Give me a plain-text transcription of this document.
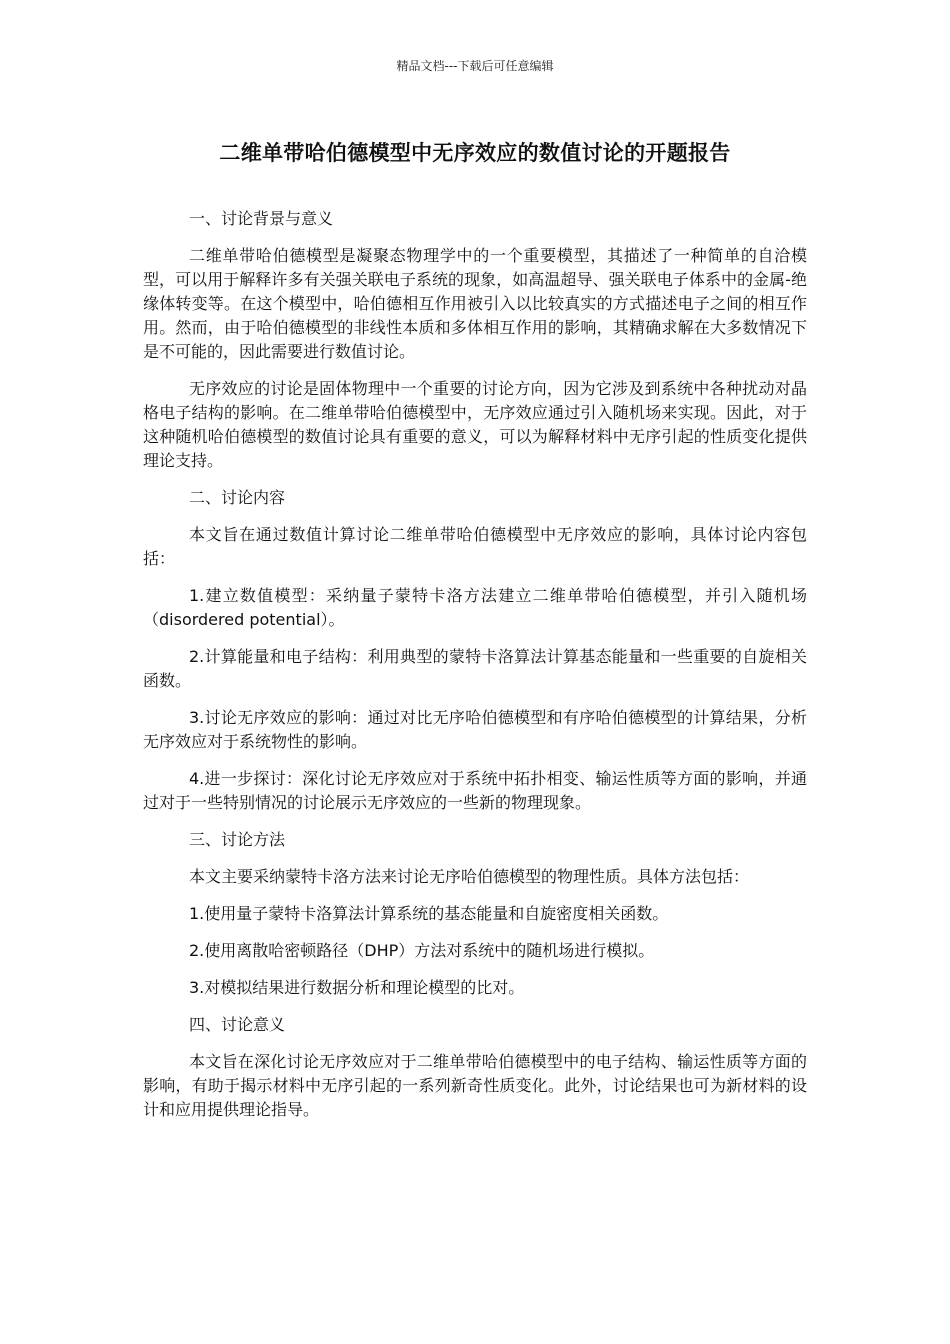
精品文档---下载后可任意编辑
二维单带哈伯德模型中无序效应的数值讨论的开题报告

一、讨论背景与意义

二维单带哈伯德模型是凝聚态物理学中的一个重要模型，其描述了一种简单的自洽模型，可以用于解释许多有关强关联电子系统的现象，如高温超导、强关联电子体系中的金属-绝缘体转变等。在这个模型中，哈伯德相互作用被引入以比较真实的方式描述电子之间的相互作用。然而，由于哈伯德模型的非线性本质和多体相互作用的影响，其精确求解在大多数情况下是不可能的，因此需要进行数值讨论。

无序效应的讨论是固体物理中一个重要的讨论方向，因为它涉及到系统中各种扰动对晶格电子结构的影响。在二维单带哈伯德模型中，无序效应通过引入随机场来实现。因此，对于这种随机哈伯德模型的数值讨论具有重要的意义，可以为解释材料中无序引起的性质变化提供理论支持。

二、讨论内容

本文旨在通过数值计算讨论二维单带哈伯德模型中无序效应的影响，具体讨论内容包括：

1.建立数值模型：采纳量子蒙特卡洛方法建立二维单带哈伯德模型，并引入随机场（disordered potential）。

2.计算能量和电子结构：利用典型的蒙特卡洛算法计算基态能量和一些重要的自旋相关函数。

3.讨论无序效应的影响：通过对比无序哈伯德模型和有序哈伯德模型的计算结果，分析无序效应对于系统物性的影响。

4.进一步探讨：深化讨论无序效应对于系统中拓扑相变、输运性质等方面的影响，并通过对于一些特别情况的讨论展示无序效应的一些新的物理现象。

三、讨论方法

本文主要采纳蒙特卡洛方法来讨论无序哈伯德模型的物理性质。具体方法包括：

1.使用量子蒙特卡洛算法计算系统的基态能量和自旋密度相关函数。

2.使用离散哈密顿路径（DHP）方法对系统中的随机场进行模拟。

3.对模拟结果进行数据分析和理论模型的比对。

四、讨论意义

本文旨在深化讨论无序效应对于二维单带哈伯德模型中的电子结构、输运性质等方面的影响，有助于揭示材料中无序引起的一系列新奇性质变化。此外，讨论结果也可为新材料的设计和应用提供理论指导。
